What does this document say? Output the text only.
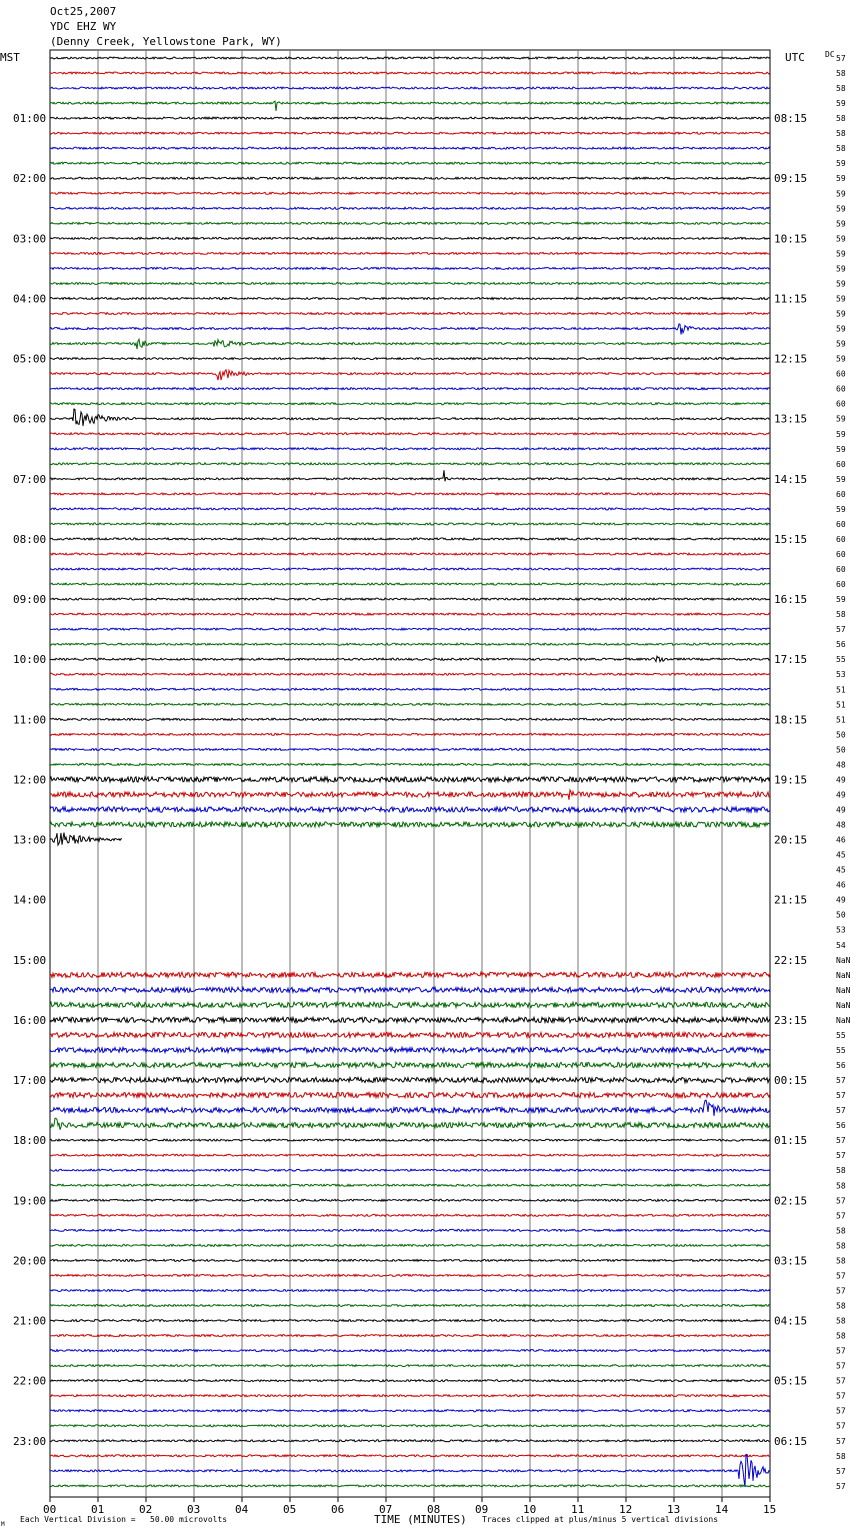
Oct25,2007
YDC EHZ WY
(Denny Creek, Yellowstone Park, WY)
MST	UTC	DC
01:00
02:00
03:00
04:00
05:00
06:00
07:00
08:00
09:00
10:00
11:00
12:00
13:00
14:00
15:00
16:00
17:00
18:00
19:00
20:00
21:00
22:00
23:00
08:15
09:15
10:15
11:15
12:15
13:15
14:15
15:15
16:15
17:15
18:15
19:15
20:15
21:15
22:15
23:15
00:15
01:15
02:15
03:15
04:15
05:15
06:15
57
58
58
59
58
58
58
59
59
59
59
59
59
59
59
59
59
59
59
59
59
60
60
60
59
59
59
60
59
60
59
60
60
60
60
60
59
58
57
56
55
53
51
51
51
50
50
48
49
49
49
48
46
45
45
46
49
50
53
54
NaN
NaN
NaN
NaN
NaN
55
55
56
57
57
57
56
57
57
58
58
57
57
58
58
58
57
57
58
58
58
57
57
57
57
57
57
57
58
57
57
00	01	02	03	04	05	06	07	08	09	10	11	12	13	14	15
TIME (MINUTES)
M
Each Vertical Division =   50.00 microvolts	Traces clipped at plus/minus 5 vertical divisions
